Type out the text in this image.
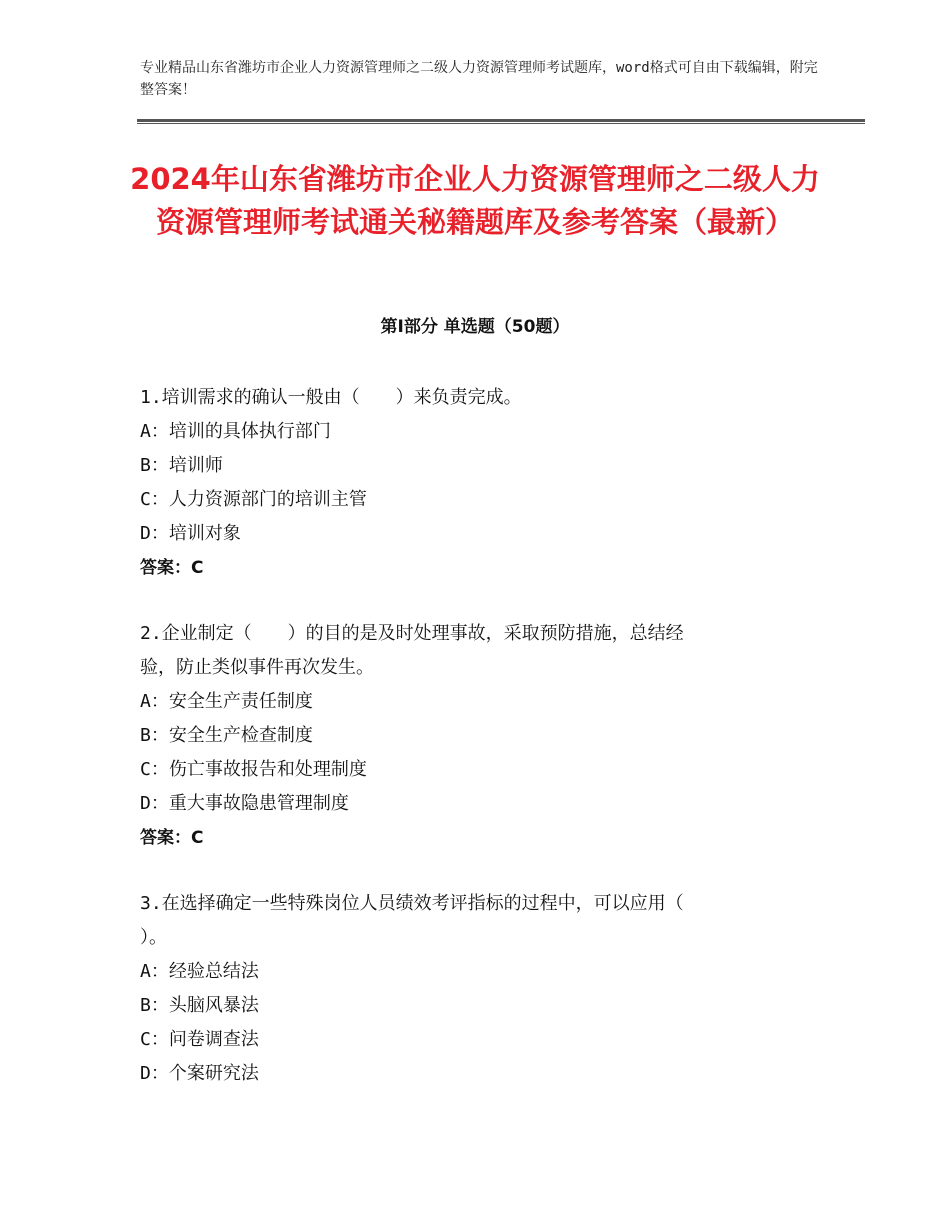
专业精品山东省潍坊市企业人力资源管理师之二级人力资源管理师考试题库，word格式可自由下载编辑，附完整答案！
2024年山东省潍坊市企业人力资源管理师之二级人力资源管理师考试通关秘籍题库及参考答案（最新）
第Ⅰ部分 单选题（50题）
1.培训需求的确认一般由（　　）来负责完成。
A：培训的具体执行部门
B：培训师
C：人力资源部门的培训主管
D：培训对象
答案：C
2.企业制定（　　）的目的是及时处理事故，采取预防措施，总结经
验，防止类似事件再次发生。
A：安全生产责任制度
B：安全生产检查制度
C：伤亡事故报告和处理制度
D：重大事故隐患管理制度
答案：C
3.在选择确定一些特殊岗位人员绩效考评指标的过程中，可以应用（
）。
A：经验总结法
B：头脑风暴法
C：问卷调查法
D：个案研究法
